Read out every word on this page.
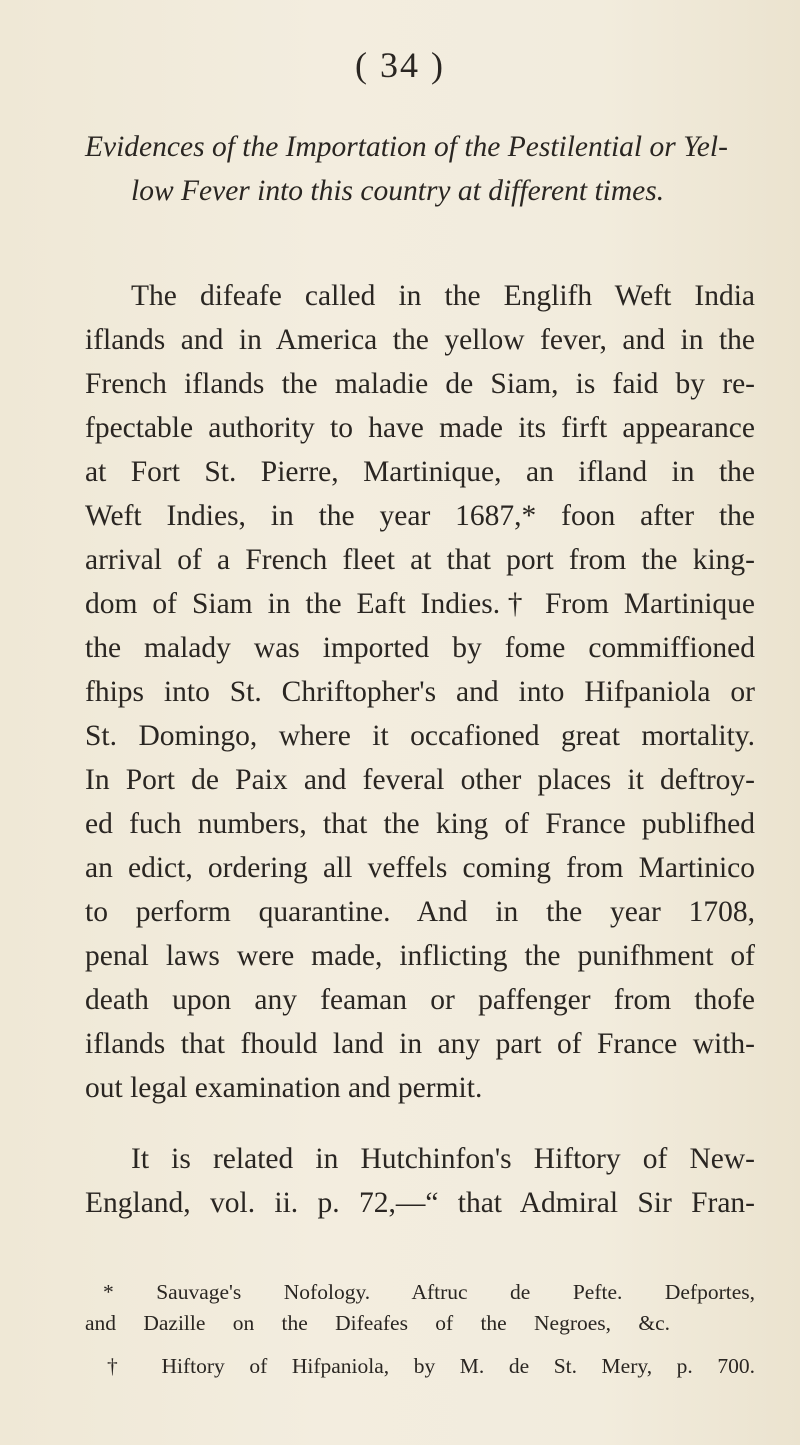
( 34 )
Evidences of the Importation of the Pestilential or Yel-
low Fever into this country at different times.
The difeafe called in the Englifh Weft India
iflands and in America the yellow fever, and in the
French iflands the maladie de Siam, is faid by re-
fpectable authority to have made its firft appearance
at Fort St. Pierre, Martinique, an ifland in the
Weft Indies, in the year 1687,* foon after the
arrival of a French fleet at that port from the king-
dom of Siam in the Eaft Indies.† From Martinique
the malady was imported by fome commiffioned
fhips into St. Chriftopher's and into Hifpaniola or
St. Domingo, where it occafioned great mortality.
In Port de Paix and feveral other places it deftroy-
ed fuch numbers, that the king of France publifhed
an edict, ordering all veffels coming from Martinico
to perform quarantine. And in the year 1708,
penal laws were made, inflicting the punifhment of
death upon any feaman or paffenger from thofe
iflands that fhould land in any part of France with-
out legal examination and permit.
It is related in Hutchinfon's Hiftory of New-
England, vol. ii. p. 72,—“ that Admiral Sir Fran-
* Sauvage's Nofology. Aftruc de Pefte. Defportes,
and Dazille on the Difeafes of the Negroes, &c.
† Hiftory of Hifpaniola, by M. de St. Mery, p. 700.
